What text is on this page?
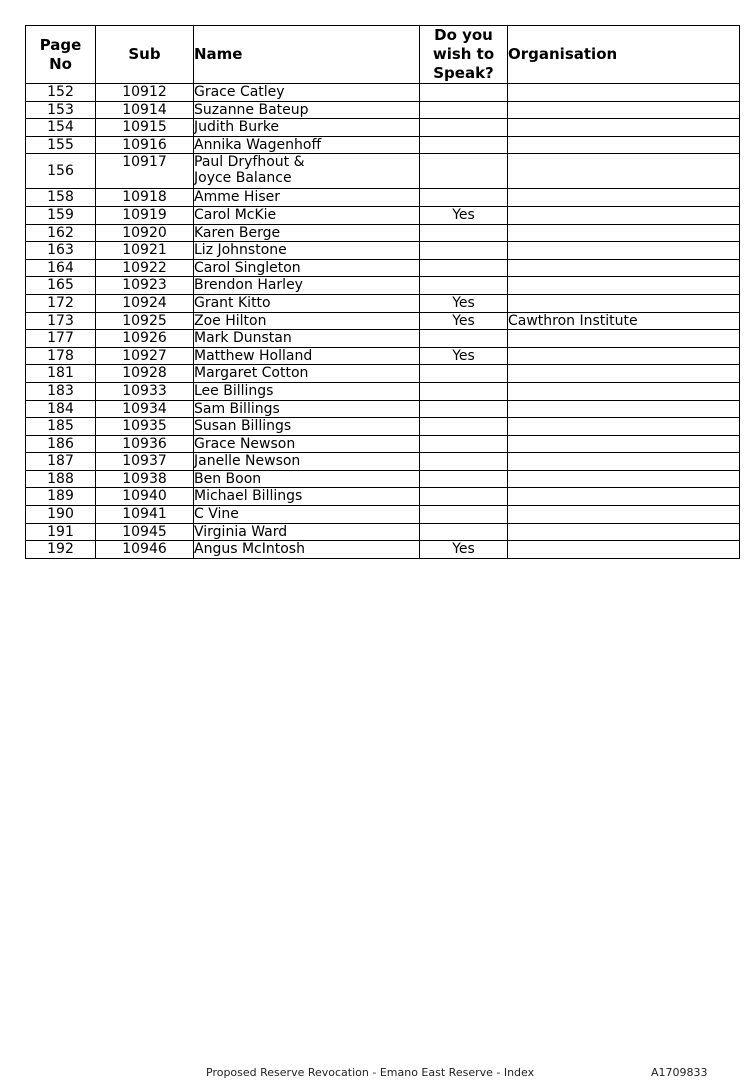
Page No	Sub	Name	Do you
wish to
Speak?	Organisation
152	10912	Grace Catley		
153	10914	Suzanne Bateup		
154	10915	Judith Burke		
155	10916	Annika Wagenhoff		
156	10917	Paul Dryfhout &
Joyce Balance		

158	10918	Amme Hiser		
159	10919	Carol McKie	Yes	
162	10920	Karen Berge		
163	10921	Liz Johnstone		
164	10922	Carol Singleton		
165	10923	Brendon Harley		
172	10924	Grant Kitto	Yes	
173	10925	Zoe Hilton	Yes	Cawthron Institute
177	10926	Mark Dunstan		
178	10927	Matthew Holland	Yes	
181	10928	Margaret Cotton		
183	10933	Lee Billings		
184	10934	Sam Billings		
185	10935	Susan Billings		
186	10936	Grace Newson		
187	10937	Janelle Newson		
188	10938	Ben Boon		
189	10940	Michael Billings		
190	10941	C Vine		
191	10945	Virginia Ward		
192	10946	Angus McIntosh	Yes	
Proposed Reserve Revocation - Emano East Reserve - Index	A1709833
